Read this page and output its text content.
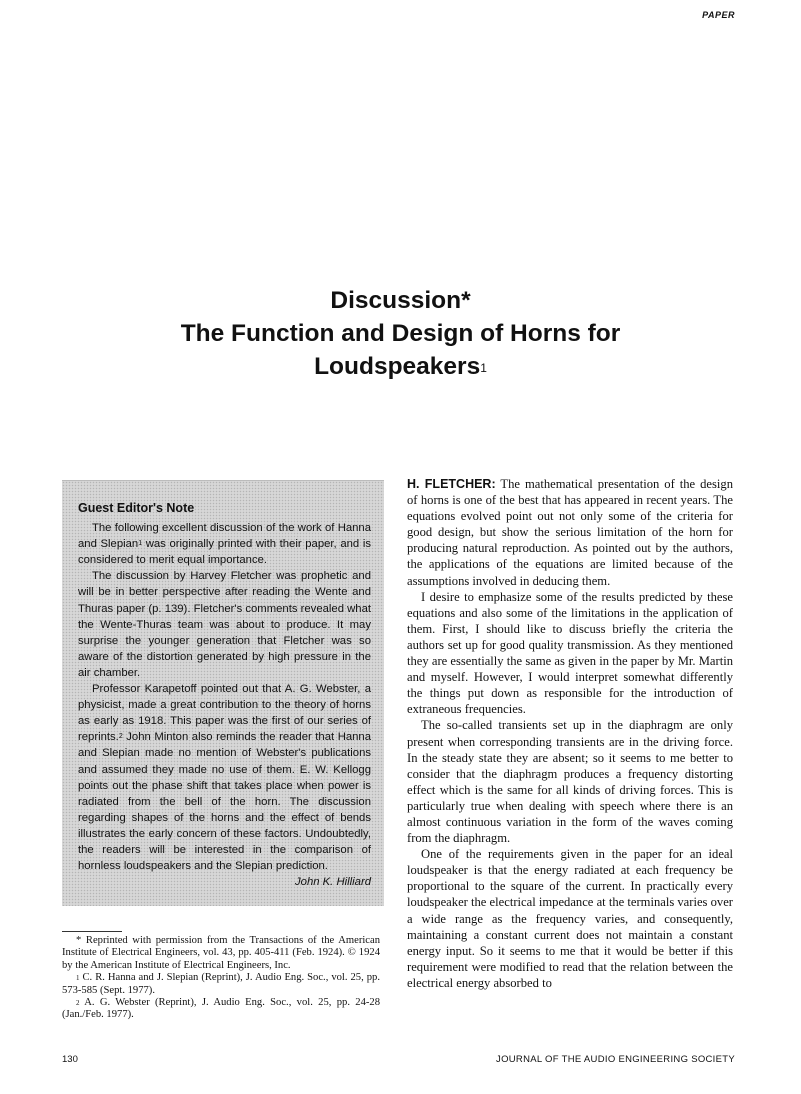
PAPER
Discussion*
The Function and Design of Horns for
Loudspeakers$^1$
Guest Editor's Note

The following excellent discussion of the work of Hanna and Slepian$^1$ was originally printed with their paper, and is considered to merit equal importance.

The discussion by Harvey Fletcher was prophetic and will be in better perspective after reading the Wente and Thuras paper (p. 139). Fletcher's comments revealed what the Wente-Thuras team was about to produce. It may surprise the younger generation that Fletcher was so aware of the distortion generated by high pressure in the air chamber.

Professor Karapetoff pointed out that A. G. Webster, a physicist, made a great contribution to the theory of horns as early as 1918. This paper was the first of our series of reprints.$^2$ John Minton also reminds the reader that Hanna and Slepian made no mention of Webster's publications and assumed they made no use of them. E. W. Kellogg points out the phase shift that takes place when power is radiated from the bell of the horn. The discussion regarding shapes of the horns and the effect of bends illustrates the early concern of these factors. Undoubtedly, the readers will be interested in the comparison of hornless loudspeakers and the Slepian prediction.

John K. Hilliard

* Reprinted with permission from the Transactions of the American Institute of Electrical Engineers, vol. 43, pp. 405-411 (Feb. 1924). © 1924 by the American Institute of Electrical Engineers, Inc.

$^1$ C. R. Hanna and J. Slepian (Reprint), J. Audio Eng. Soc., vol. 25, pp. 573-585 (Sept. 1977).

$^2$ A. G. Webster (Reprint), J. Audio Eng. Soc., vol. 25, pp. 24-28 (Jan./Feb. 1977).

H. FLETCHER: The mathematical presentation of the design of horns is one of the best that has appeared in recent years. The equations evolved point out not only some of the criteria for good design, but show the serious limitation of the horn for producing natural reproduction. As pointed out by the authors, the applications of the equations are limited because of the assumptions involved in deducing them.

I desire to emphasize some of the results predicted by these equations and also some of the limitations in the application of them. First, I should like to discuss briefly the criteria the authors set up for good quality transmission. As they mentioned they are essentially the same as given in the paper by Mr. Martin and myself. However, I would interpret somewhat differently the things put down as responsible for the introduction of extraneous frequencies.

The so-called transients set up in the diaphragm are only present when corresponding transients are in the driving force. In the steady state they are absent; so it seems to me better to consider that the diaphragm produces a frequency distorting effect which is the same for all kinds of driving forces. This is particularly true when dealing with speech where there is an almost continuous variation in the form of the waves coming from the diaphragm.

One of the requirements given in the paper for an ideal loudspeaker is that the energy radiated at each frequency be proportional to the square of the current. In practically every loudspeaker the electrical impedance at the terminals varies over a wide range as the frequency varies, and consequently, maintaining a constant current does not maintain a constant energy input. So it seems to me that it would be better if this requirement were modified to read that the relation between the electrical energy absorbed to

130	JOURNAL OF THE AUDIO ENGINEERING SOCIETY
